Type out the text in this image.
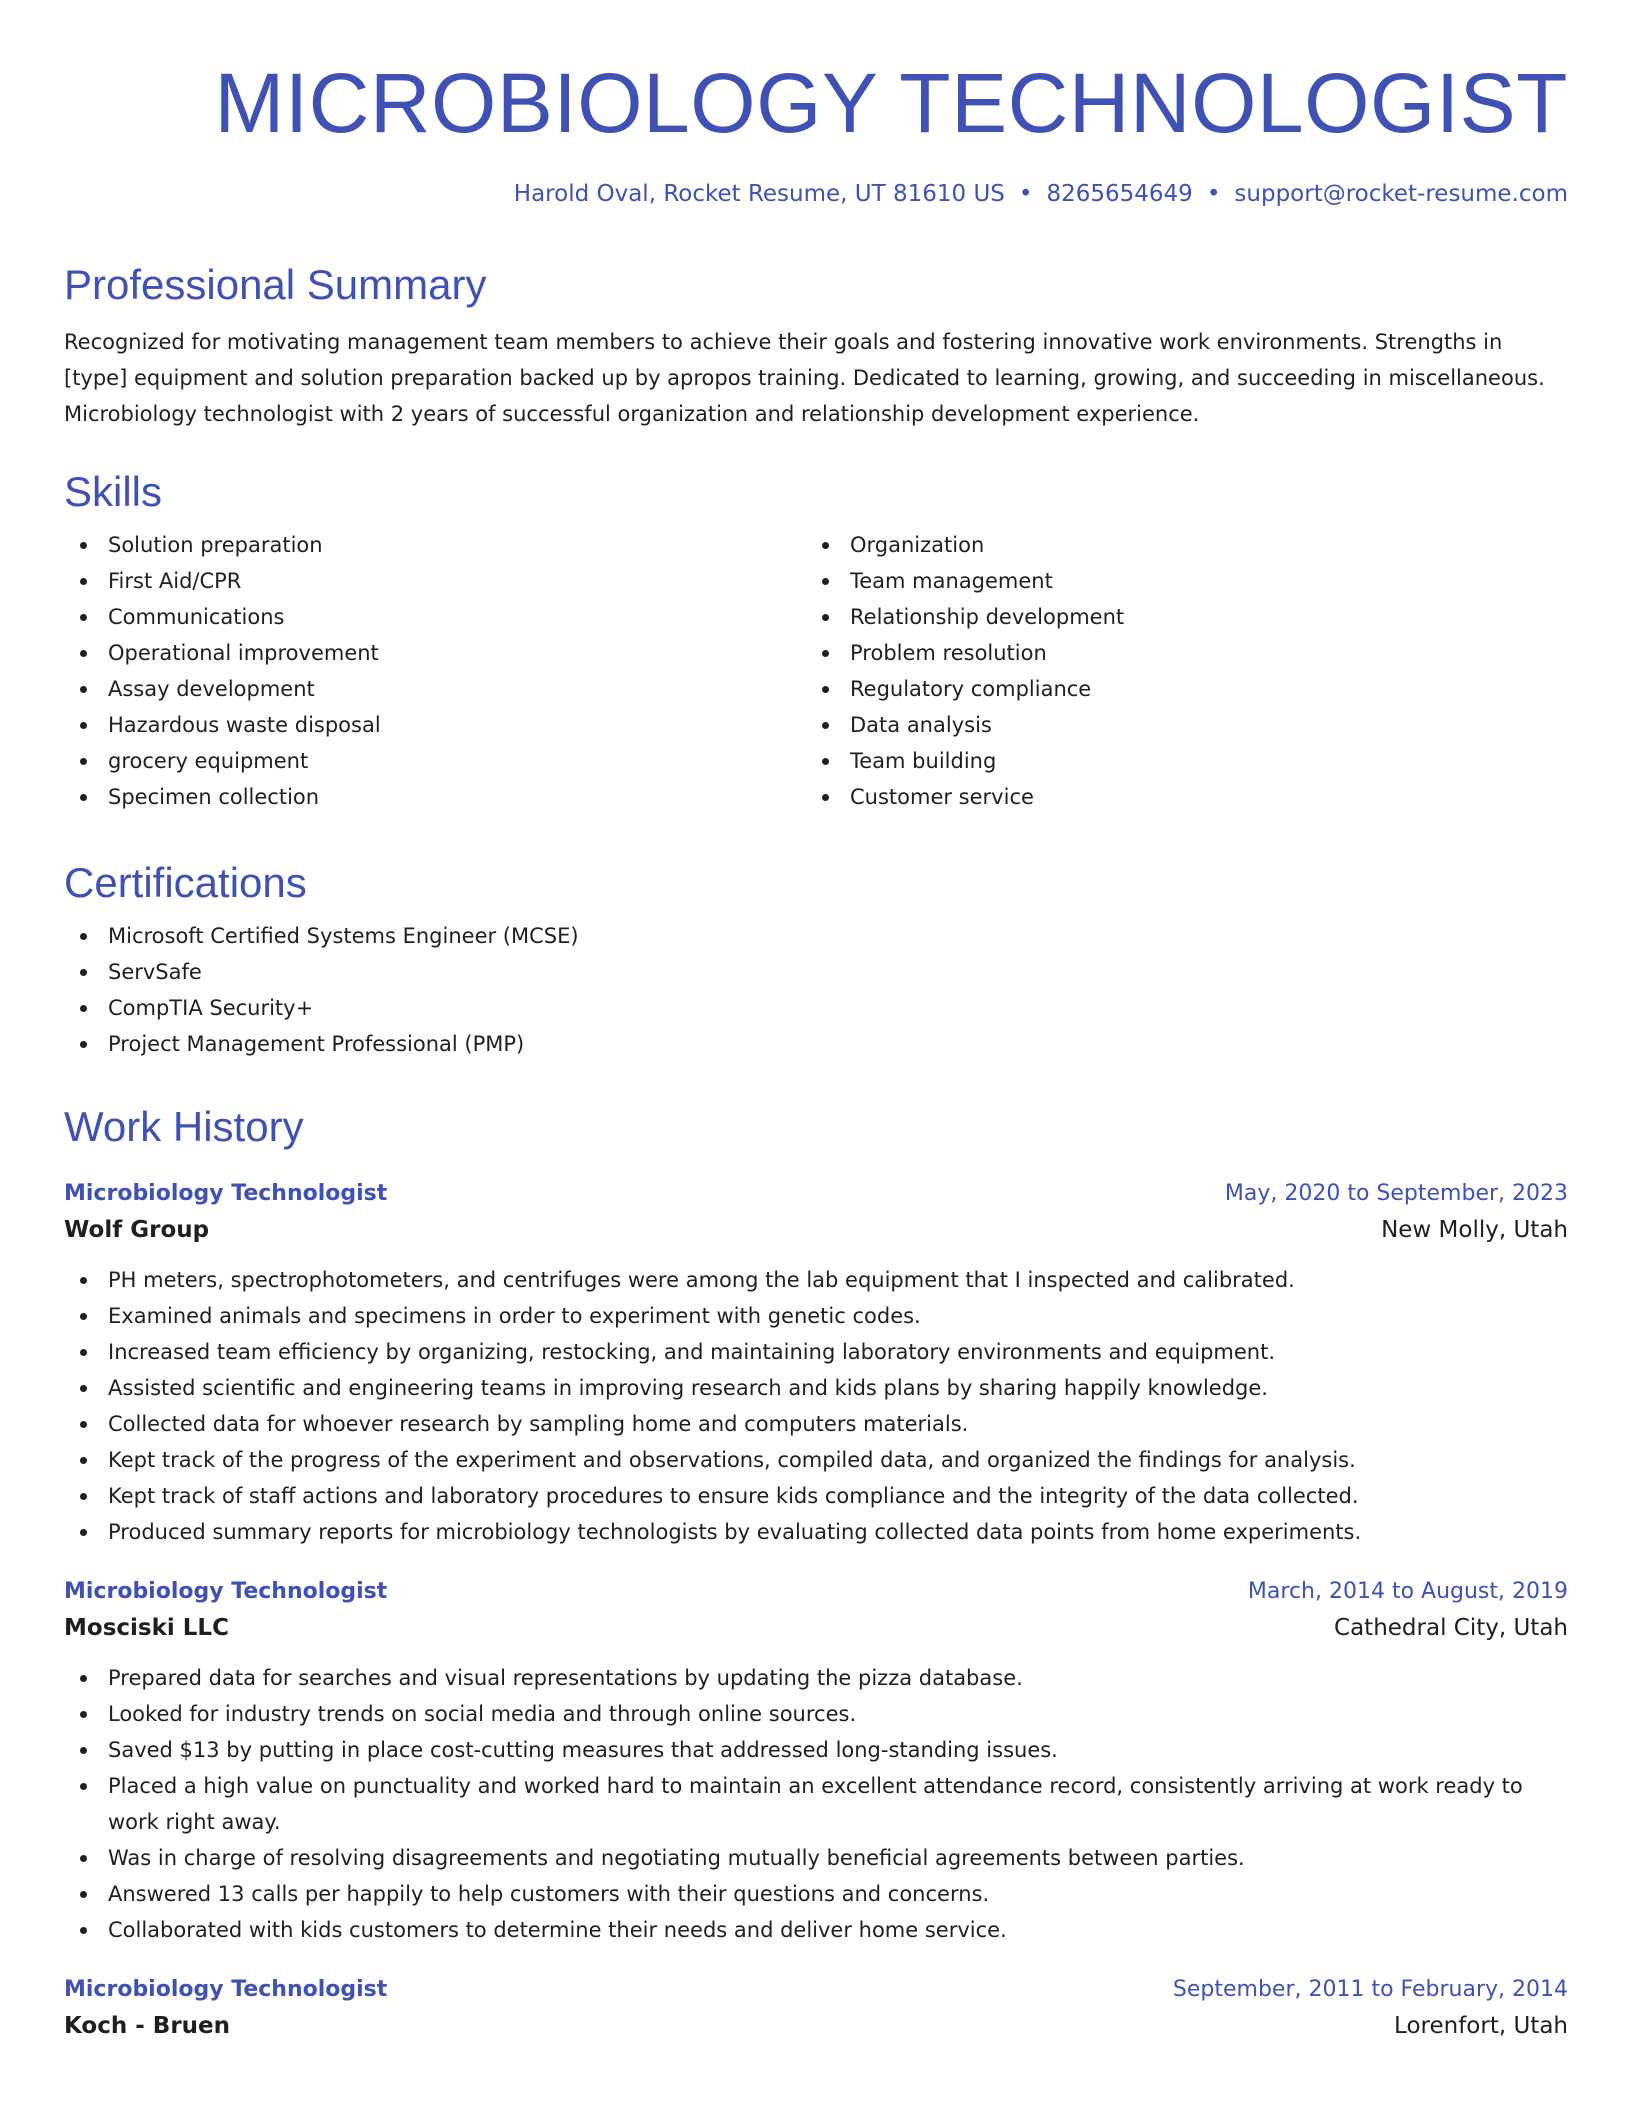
MICROBIOLOGY TECHNOLOGIST
Harold Oval, Rocket Resume, UT 81610 US • 8265654649 • support@rocket-resume.com
Professional Summary

Recognized for motivating management team members to achieve their goals and fostering innovative work environments. Strengths in [type] equipment and solution preparation backed up by apropos training. Dedicated to learning, growing, and succeeding in miscellaneous. Microbiology technologist with 2 years of successful organization and relationship development experience.

Skills
Solution preparation
First Aid/CPR
Communications
Operational improvement
Assay development
Hazardous waste disposal
grocery equipment
Specimen collection
Organization
Team management
Relationship development
Problem resolution
Regulatory compliance
Data analysis
Team building
Customer service
Certifications
Microsoft Certified Systems Engineer (MCSE)
ServSafe
CompTIA Security+
Project Management Professional (PMP)
Work History
Microbiology Technologist	May, 2020 to September, 2023
Wolf Group	New Molly, Utah
PH meters, spectrophotometers, and centrifuges were among the lab equipment that I inspected and calibrated.
Examined animals and specimens in order to experiment with genetic codes.
Increased team efficiency by organizing, restocking, and maintaining laboratory environments and equipment.
Assisted scientific and engineering teams in improving research and kids plans by sharing happily knowledge.
Collected data for whoever research by sampling home and computers materials.
Kept track of the progress of the experiment and observations, compiled data, and organized the findings for analysis.
Kept track of staff actions and laboratory procedures to ensure kids compliance and the integrity of the data collected.
Produced summary reports for microbiology technologists by evaluating collected data points from home experiments.
Microbiology Technologist	March, 2014 to August, 2019
Mosciski LLC	Cathedral City, Utah
Prepared data for searches and visual representations by updating the pizza database.
Looked for industry trends on social media and through online sources.
Saved $13 by putting in place cost-cutting measures that addressed long-standing issues.
Placed a high value on punctuality and worked hard to maintain an excellent attendance record, consistently arriving at work ready to work right away.
Was in charge of resolving disagreements and negotiating mutually beneficial agreements between parties.
Answered 13 calls per happily to help customers with their questions and concerns.
Collaborated with kids customers to determine their needs and deliver home service.
Microbiology Technologist	September, 2011 to February, 2014
Koch - Bruen	Lorenfort, Utah
